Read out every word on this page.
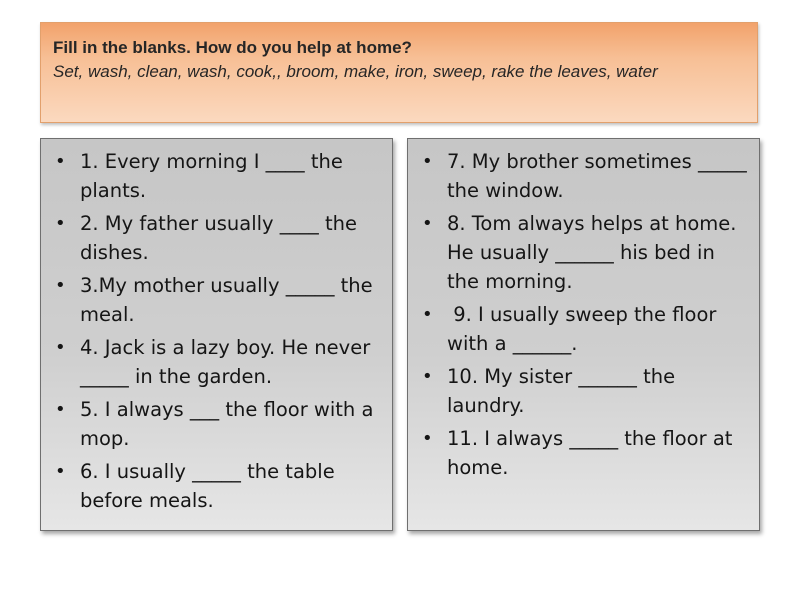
Fill in the blanks. How do you help at home?
Set, wash, clean, wash, cook,, broom, make, iron, sweep, rake the leaves, water
• 1. Every morning I ____ the plants.
• 2. My father usually ____ the dishes.
• 3.My mother usually _____ the meal.
• 4. Jack is a lazy boy. He never _____ in the garden.
• 5. I always ___ the floor with a mop.
• 6. I usually _____ the table before meals.
• 7. My brother sometimes _____ the window.
• 8. Tom always helps at home. He usually ______ his bed in the morning.
• 9. I usually sweep the floor with a ______.
• 10. My sister ______ the laundry.
• 11. I always _____ the floor at home.
